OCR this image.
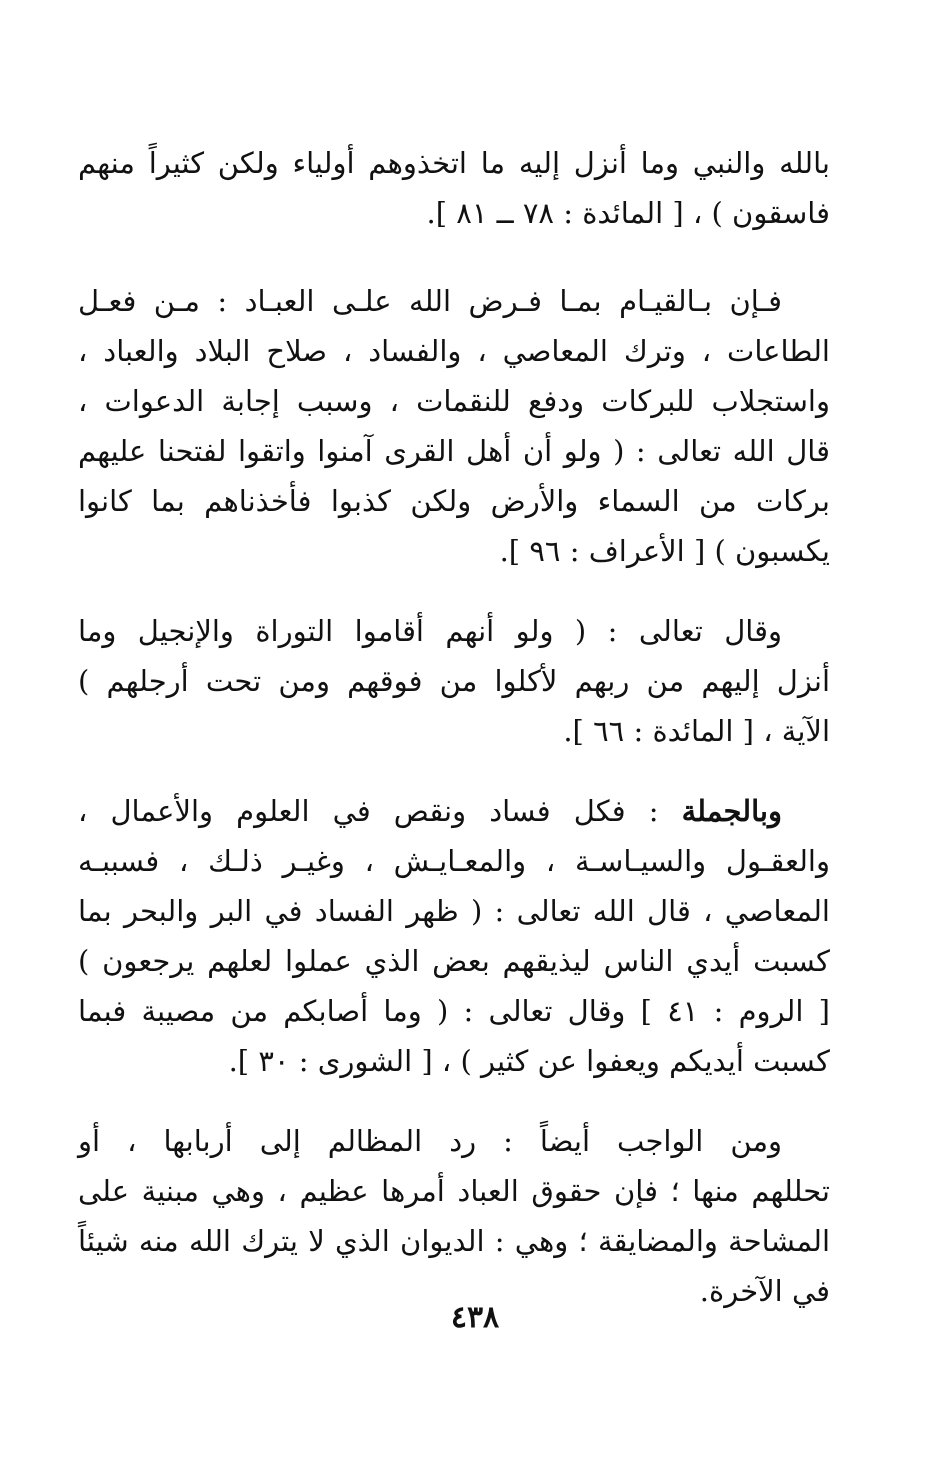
بالله والنبي وما أنزل إليه ما اتخذوهم أولياء ولكن كثيراً منهم
فاسقون ) ، [ المائدة : ٧٨ ــ ٨١ ].
فـإن بـالقيـام بمـا فـرض الله علـى العبـاد : مـن فعـل
الطاعات ، وترك المعاصي ، والفساد ، صلاح البلاد والعباد ،
واستجلاب للبركات ودفع للنقمات ، وسبب إجابة الدعوات ،
قال الله تعالى : ( ولو أن أهل القرى آمنوا واتقوا لفتحنا عليهم
بركات من السماء والأرض ولكن كذبوا فأخذناهم بما كانوا
يكسبون ) [ الأعراف : ٩٦ ].
وقال تعالى : ( ولو أنهم أقاموا التوراة والإنجيل وما
أنزل إليهم من ربهم لأكلوا من فوقهم ومن تحت أرجلهم )
الآية ، [ المائدة : ٦٦ ].
وبالجملة : فكل فساد ونقص في العلوم والأعمال ،
والعقـول والسيـاسـة ، والمعـايـش ، وغيـر ذلـك ، فسببـه
المعاصي ، قال الله تعالى : ( ظهر الفساد في البر والبحر بما
كسبت أيدي الناس ليذيقهم بعض الذي عملوا لعلهم يرجعون )
[ الروم : ٤١ ] وقال تعالى : ( وما أصابكم من مصيبة فبما
كسبت أيديكم ويعفوا عن كثير ) ، [ الشورى : ٣٠ ].
ومن الواجب أيضاً : رد المظالم إلى أربابها ، أو
تحللهم منها ؛ فإن حقوق العباد أمرها عظيم ، وهي مبنية على
المشاحة والمضايقة ؛ وهي : الديوان الذي لا يترك الله منه شيئاً
في الآخرة.
٤٣٨
